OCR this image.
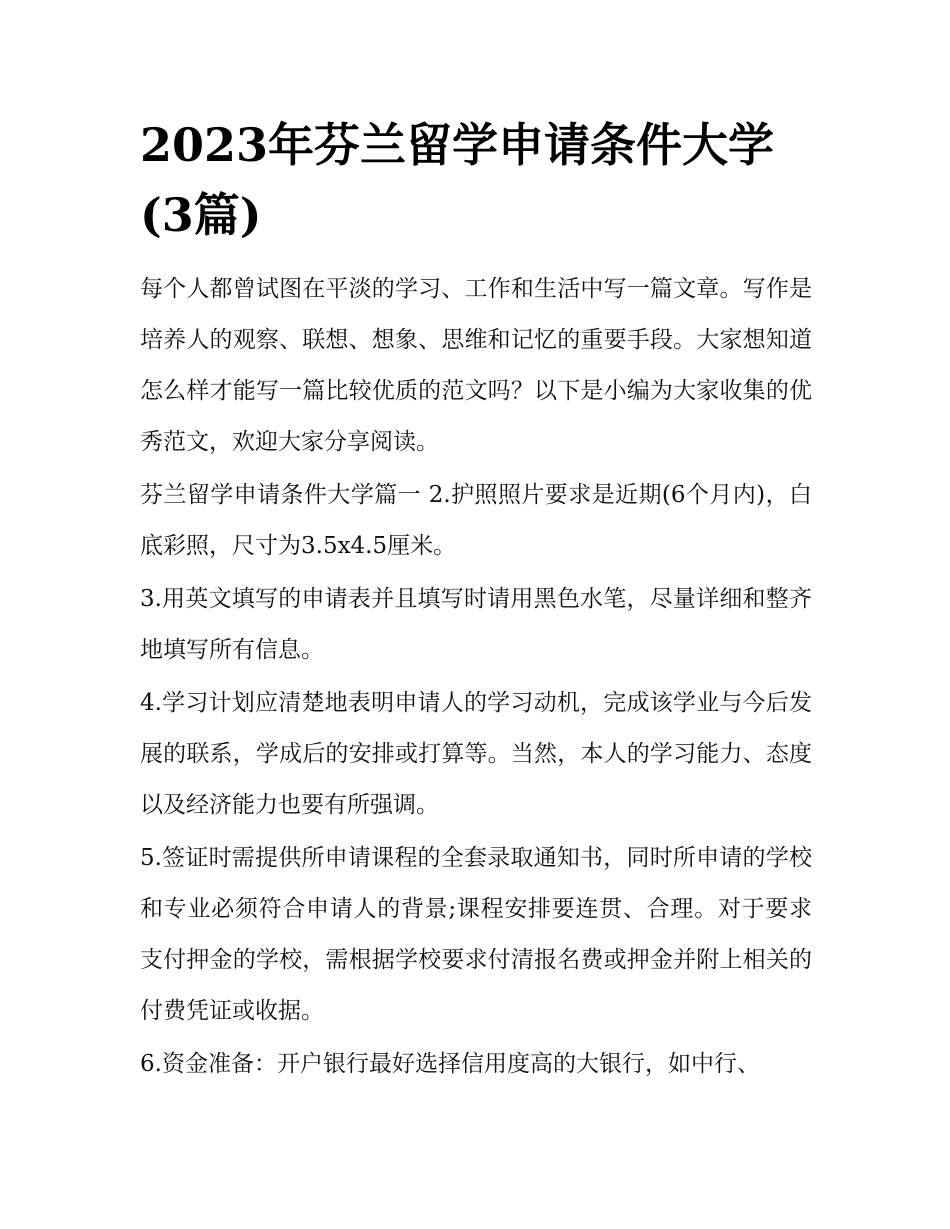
2023年芬兰留学申请条件大学(3篇)

每个人都曾试图在平淡的学习、工作和生活中写一篇文章。写作是培养人的观察、联想、想象、思维和记忆的重要手段。大家想知道怎么样才能写一篇比较优质的范文吗？以下是小编为大家收集的优秀范文，欢迎大家分享阅读。

芬兰留学申请条件大学篇一 2.护照照片要求是近期(6个月内)，白底彩照，尺寸为3.5x4.5厘米。

3.用英文填写的申请表并且填写时请用黑色水笔，尽量详细和整齐地填写所有信息。

4.学习计划应清楚地表明申请人的学习动机，完成该学业与今后发展的联系，学成后的安排或打算等。当然，本人的学习能力、态度以及经济能力也要有所强调。

5.签证时需提供所申请课程的全套录取通知书，同时所申请的学校和专业必须符合申请人的背景;课程安排要连贯、合理。对于要求支付押金的学校，需根据学校要求付清报名费或押金并附上相关的付费凭证或收据。

6.资金准备：开户银行最好选择信用度高的大银行，如中行、
